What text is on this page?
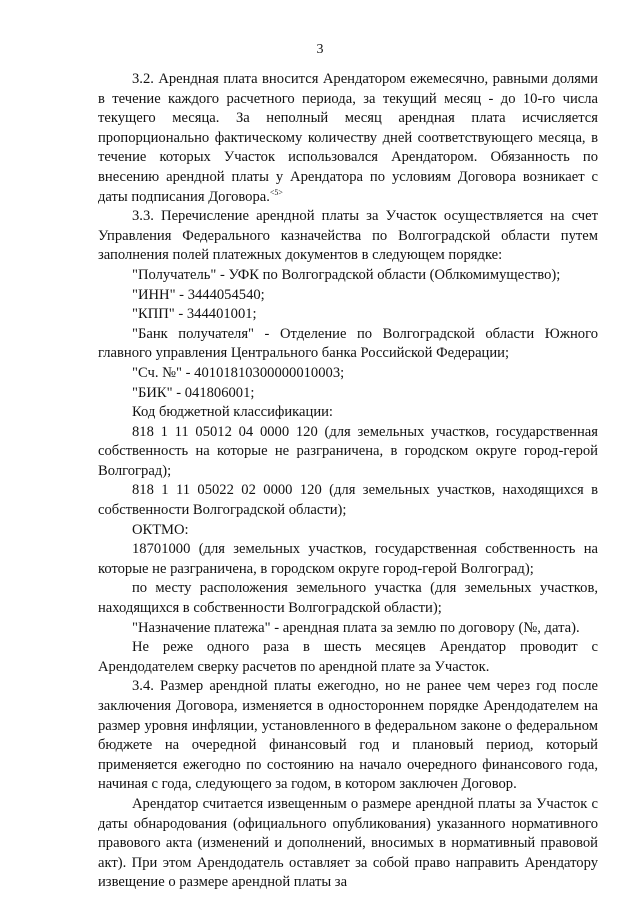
3

3.2. Арендная плата вносится Арендатором ежемесячно, равными долями в течение каждого расчетного периода, за текущий месяц - до 10-го числа текущего месяца. За неполный месяц арендная плата исчисляется пропорционально фактическому количеству дней соответствующего месяца, в течение которых Участок использовался Арендатором. Обязанность по внесению арендной платы у Арендатора по условиям Договора возникает с даты подписания Договора.$^{<5>}$

3.3. Перечисление арендной платы за Участок осуществляется на счет Управления Федерального казначейства по Волгоградской области путем заполнения полей платежных документов в следующем порядке:

"Получатель" - УФК по Волгоградской области (Облкомимущество);

"ИНН" - 3444054540;

"КПП" - 344401001;

"Банк получателя" - Отделение по Волгоградской области Южного главного управления Центрального банка Российской Федерации;

"Сч. №" - 40101810300000010003;

"БИК" - 041806001;

Код бюджетной классификации:

818 1 11 05012 04 0000 120 (для земельных участков, государственная собственность на которые не разграничена, в городском округе город-герой Волгоград);

818 1 11 05022 02 0000 120 (для земельных участков, находящихся в собственности Волгоградской области);

ОКТМО:

18701000 (для земельных участков, государственная собственность на которые не разграничена, в городском округе город-герой Волгоград);

по месту расположения земельного участка (для земельных участков, находящихся в собственности Волгоградской области);

"Назначение платежа" - арендная плата за землю по договору (№, дата).

Не реже одного раза в шесть месяцев Арендатор проводит с Арендодателем сверку расчетов по арендной плате за Участок.

3.4. Размер арендной платы ежегодно, но не ранее чем через год после заключения Договора, изменяется в одностороннем порядке Арендодателем на размер уровня инфляции, установленного в федеральном законе о федеральном бюджете на очередной финансовый год и плановый период, который применяется ежегодно по состоянию на начало очередного финансового года, начиная с года, следующего за годом, в котором заключен Договор.

Арендатор считается извещенным о размере арендной платы за Участок с даты обнародования (официального опубликования) указанного нормативного правового акта (изменений и дополнений, вносимых в нормативный правовой акт). При этом Арендодатель оставляет за собой право направить Арендатору извещение о размере арендной платы за
